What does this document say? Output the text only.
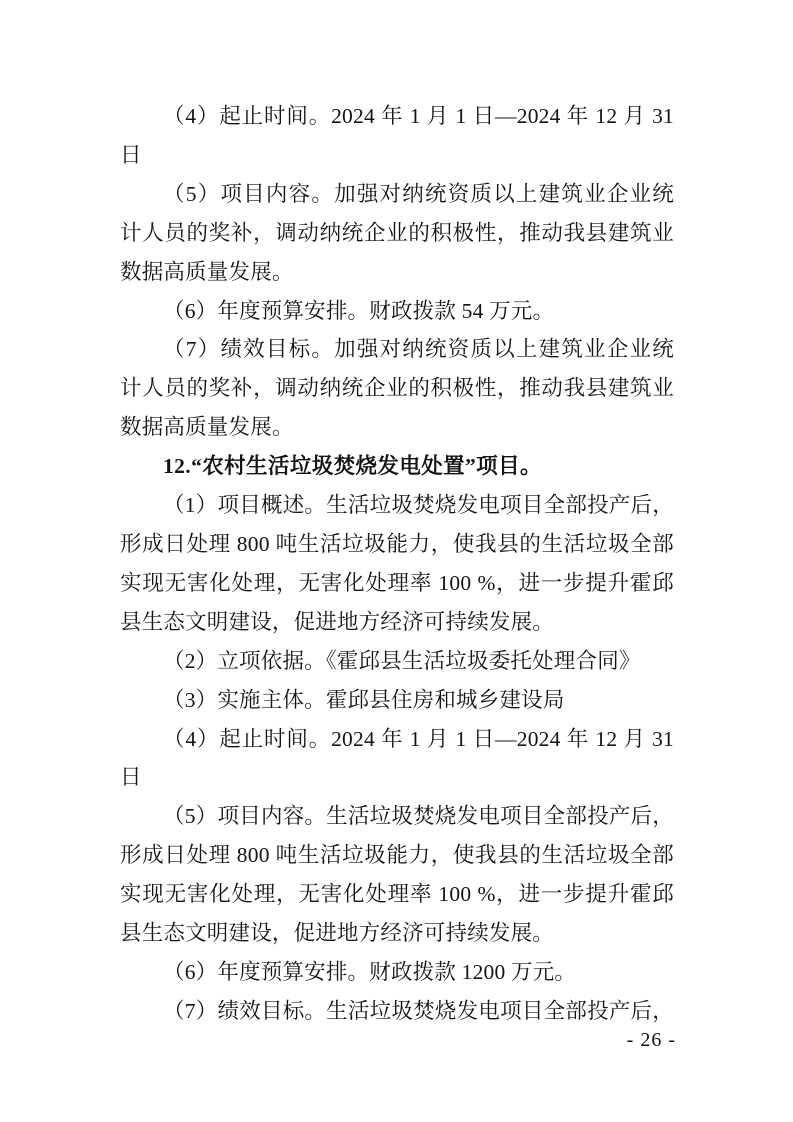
（4）起止时间。2024 年 1 月 1 日—2024 年 12 月 31
日
（5）项目内容。加强对纳统资质以上建筑业企业统
计人员的奖补，调动纳统企业的积极性，推动我县建筑业
数据高质量发展。
（6）年度预算安排。财政拨款 54 万元。
（7）绩效目标。加强对纳统资质以上建筑业企业统
计人员的奖补，调动纳统企业的积极性，推动我县建筑业
数据高质量发展。
12.“农村生活垃圾焚烧发电处置”项目。
（1）项目概述。生活垃圾焚烧发电项目全部投产后，
形成日处理 800 吨生活垃圾能力，使我县的生活垃圾全部
实现无害化处理，无害化处理率 100 %，进一步提升霍邱
县生态文明建设，促进地方经济可持续发展。
（2）立项依据。《霍邱县生活垃圾委托处理合同》
（3）实施主体。霍邱县住房和城乡建设局
（4）起止时间。2024 年 1 月 1 日—2024 年 12 月 31
日
（5）项目内容。生活垃圾焚烧发电项目全部投产后，
形成日处理 800 吨生活垃圾能力，使我县的生活垃圾全部
实现无害化处理，无害化处理率 100 %，进一步提升霍邱
县生态文明建设，促进地方经济可持续发展。
（6）年度预算安排。财政拨款 1200 万元。
（7）绩效目标。生活垃圾焚烧发电项目全部投产后，
- 26 -
